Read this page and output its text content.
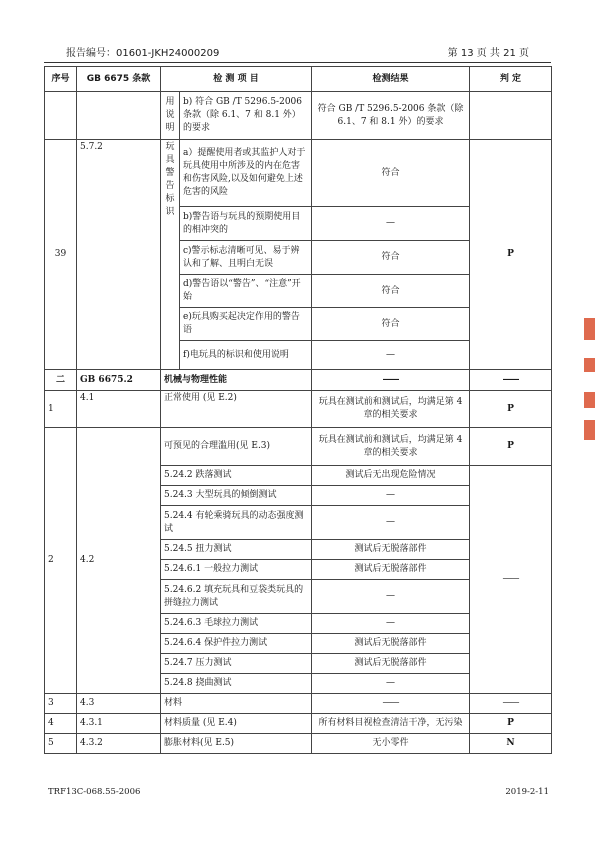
报告编号：01601-JKH24000209	第 13 页 共 21 页
序号	GB 6675 条款	检 测 项 目		检测结果	判 定
		用说明	b) 符合 GB /T 5296.5-2006 条款（除 6.1、7 和 8.1 外）的要求	符合 GB /T 5296.5-2006 条款（除 6.1、7 和 8.1 外）的要求	
39	5.7.2	玩具警告标识	a）提醒使用者或其监护人对于玩具使用中所涉及的内在危害和伤害风险,以及如何避免上述危害的风险	符合	P
			b)警告语与玩具的预期使用目的相冲突的	—	
			c)警示标志清晰可见、易于辨认和了解、且明白无误	符合	
			d)警告语以“警告”、“注意”开始	符合	
			e)玩具购买起决定作用的警告语	符合	
			f)电玩具的标识和使用说明	—	
二	GB 6675.2	机械与物理性能		——	——
1	4.1	正常使用 (见 E.2)		玩具在测试前和测试后，均满足第 4 章的相关要求	P
2	4.2	可预见的合理滥用(见 E.3)		玩具在测试前和测试后，均满足第 4 章的相关要求	P
		5.24.2 跌落测试		测试后无出现危险情况	——
		5.24.3 大型玩具的倾倒测试		—	
		5.24.4 有轮乘骑玩具的动态强度测试		—	
		5.24.5 扭力测试		测试后无脱落部件	
		5.24.6.1 一般拉力测试		测试后无脱落部件	
		5.24.6.2 填充玩具和豆袋类玩具的拼缝拉力测试		—	
		5.24.6.3 毛球拉力测试		—	
		5.24.6.4 保护件拉力测试		测试后无脱落部件	
		5.24.7 压力测试		测试后无脱落部件	
		5.24.8 挠曲测试		—	
3	4.3	材料		——	——
4	4.3.1	材料质量 (见 E.4)		所有材料目视检查清洁干净，无污染	P
5	4.3.2	膨胀材料(见 E.5)		无小零件	N
TRF13C-068.55-2006	2019-2-11
